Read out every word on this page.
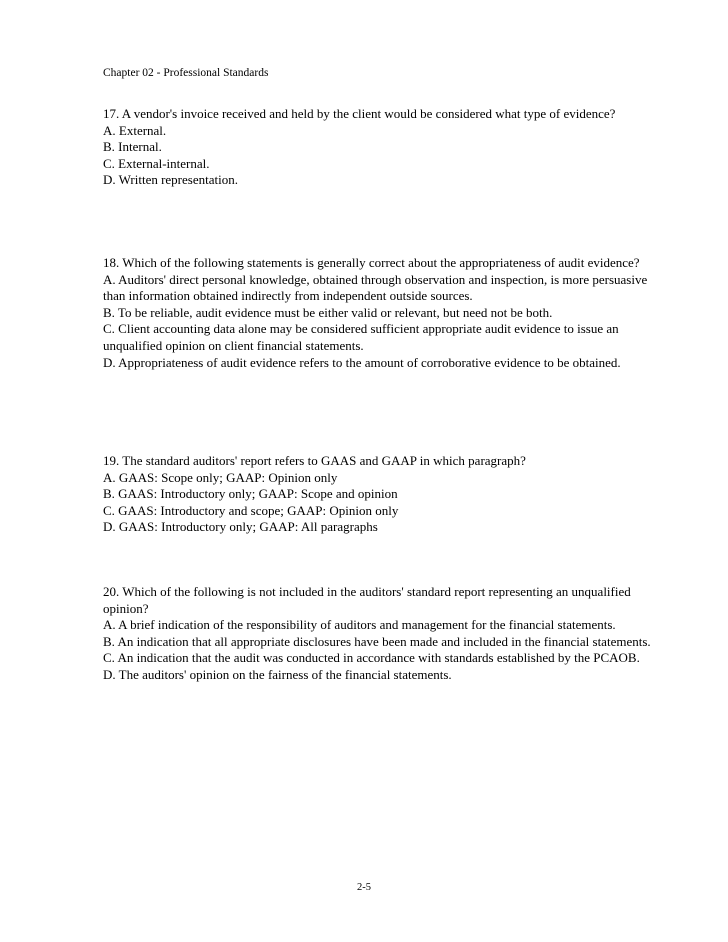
Chapter 02 - Professional Standards

17. A vendor's invoice received and held by the client would be considered what type of evidence?

A. External.

B. Internal.

C. External-internal.

D. Written representation.

18. Which of the following statements is generally correct about the appropriateness of audit evidence?

A. Auditors' direct personal knowledge, obtained through observation and inspection, is more persuasive than information obtained indirectly from independent outside sources.

B. To be reliable, audit evidence must be either valid or relevant, but need not be both.

C. Client accounting data alone may be considered sufficient appropriate audit evidence to issue an unqualified opinion on client financial statements.

D. Appropriateness of audit evidence refers to the amount of corroborative evidence to be obtained.

19. The standard auditors' report refers to GAAS and GAAP in which paragraph?

A. GAAS: Scope only; GAAP: Opinion only

B. GAAS: Introductory only; GAAP: Scope and opinion

C. GAAS: Introductory and scope; GAAP: Opinion only

D. GAAS: Introductory only; GAAP: All paragraphs

20. Which of the following is not included in the auditors' standard report representing an unqualified opinion?

A. A brief indication of the responsibility of auditors and management for the financial statements.

B. An indication that all appropriate disclosures have been made and included in the financial statements.

C. An indication that the audit was conducted in accordance with standards established by the PCAOB.

D. The auditors' opinion on the fairness of the financial statements.

2-5
